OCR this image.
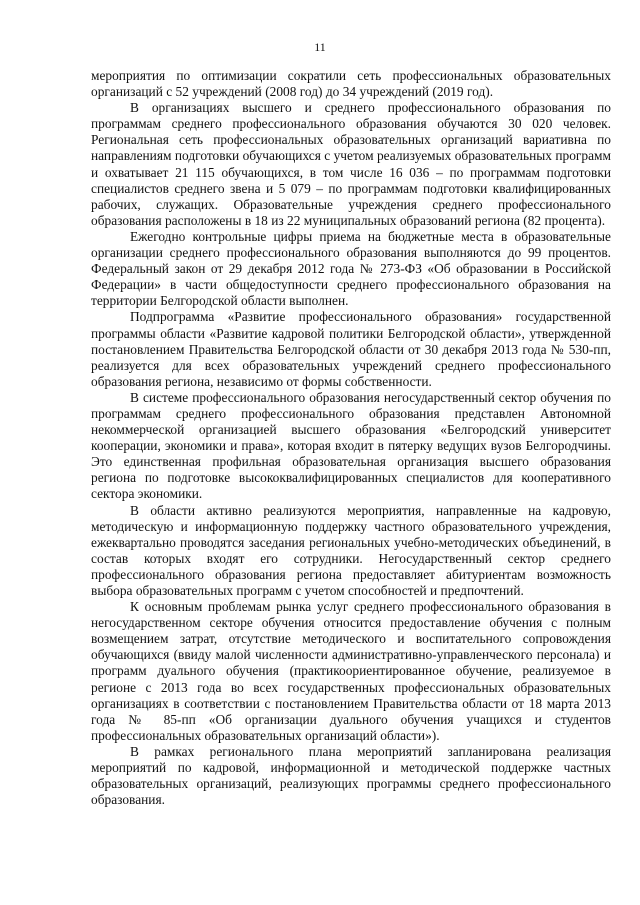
11

мероприятия по оптимизации сократили сеть профессиональных образовательных организаций с 52 учреждений (2008 год) до 34 учреждений (2019 год).

В организациях высшего и среднего профессионального образования по программам среднего профессионального образования обучаются 30 020 человек. Региональная сеть профессиональных образовательных организаций вариативна по направлениям подготовки обучающихся с учетом реализуемых образовательных программ и охватывает 21 115 обучающихся, в том числе 16 036 – по программам подготовки специалистов среднего звена и 5 079 – по программам подготовки квалифицированных рабочих, служащих. Образовательные учреждения среднего профессионального образования расположены в 18 из 22 муниципальных образований региона (82 процента).

Ежегодно контрольные цифры приема на бюджетные места в образовательные организации среднего профессионального образования выполняются до 99 процентов. Федеральный закон от 29 декабря 2012 года № 273-ФЗ «Об образовании в Российской Федерации» в части общедоступности среднего профессионального образования на территории Белгородской области выполнен.

Подпрограмма «Развитие профессионального образования» государственной программы области «Развитие кадровой политики Белгородской области», утвержденной постановлением Правительства Белгородской области от 30 декабря 2013 года № 530-пп, реализуется для всех образовательных учреждений среднего профессионального образования региона, независимо от формы собственности.

В системе профессионального образования негосударственный сектор обучения по программам среднего профессионального образования представлен Автономной некоммерческой организацией высшего образования «Белгородский университет кооперации, экономики и права», которая входит в пятерку ведущих вузов Белгородчины. Это единственная профильная образовательная организация высшего образования региона по подготовке высококвалифицированных специалистов для кооперативного сектора экономики.

В области активно реализуются мероприятия, направленные на кадровую, методическую и информационную поддержку частного образовательного учреждения, ежеквартально проводятся заседания региональных учебно-методических объединений, в состав которых входят его сотрудники. Негосударственный сектор среднего профессионального образования региона предоставляет абитуриентам возможность выбора образовательных программ с учетом способностей и предпочтений.

К основным проблемам рынка услуг среднего профессионального образования в негосударственном секторе обучения относится предоставление обучения с полным возмещением затрат, отсутствие методического и воспитательного сопровождения обучающихся (ввиду малой численности административно-управленческого персонала) и программ дуального обучения (практикоориентированное обучение, реализуемое в регионе с 2013 года во всех государственных профессиональных образовательных организациях в соответствии с постановлением Правительства области от 18 марта 2013 года № 85-пп «Об организации дуального обучения учащихся и студентов профессиональных образовательных организаций области»).

В рамках регионального плана мероприятий запланирована реализация мероприятий по кадровой, информационной и методической поддержке частных образовательных организаций, реализующих программы среднего профессионального образования.
